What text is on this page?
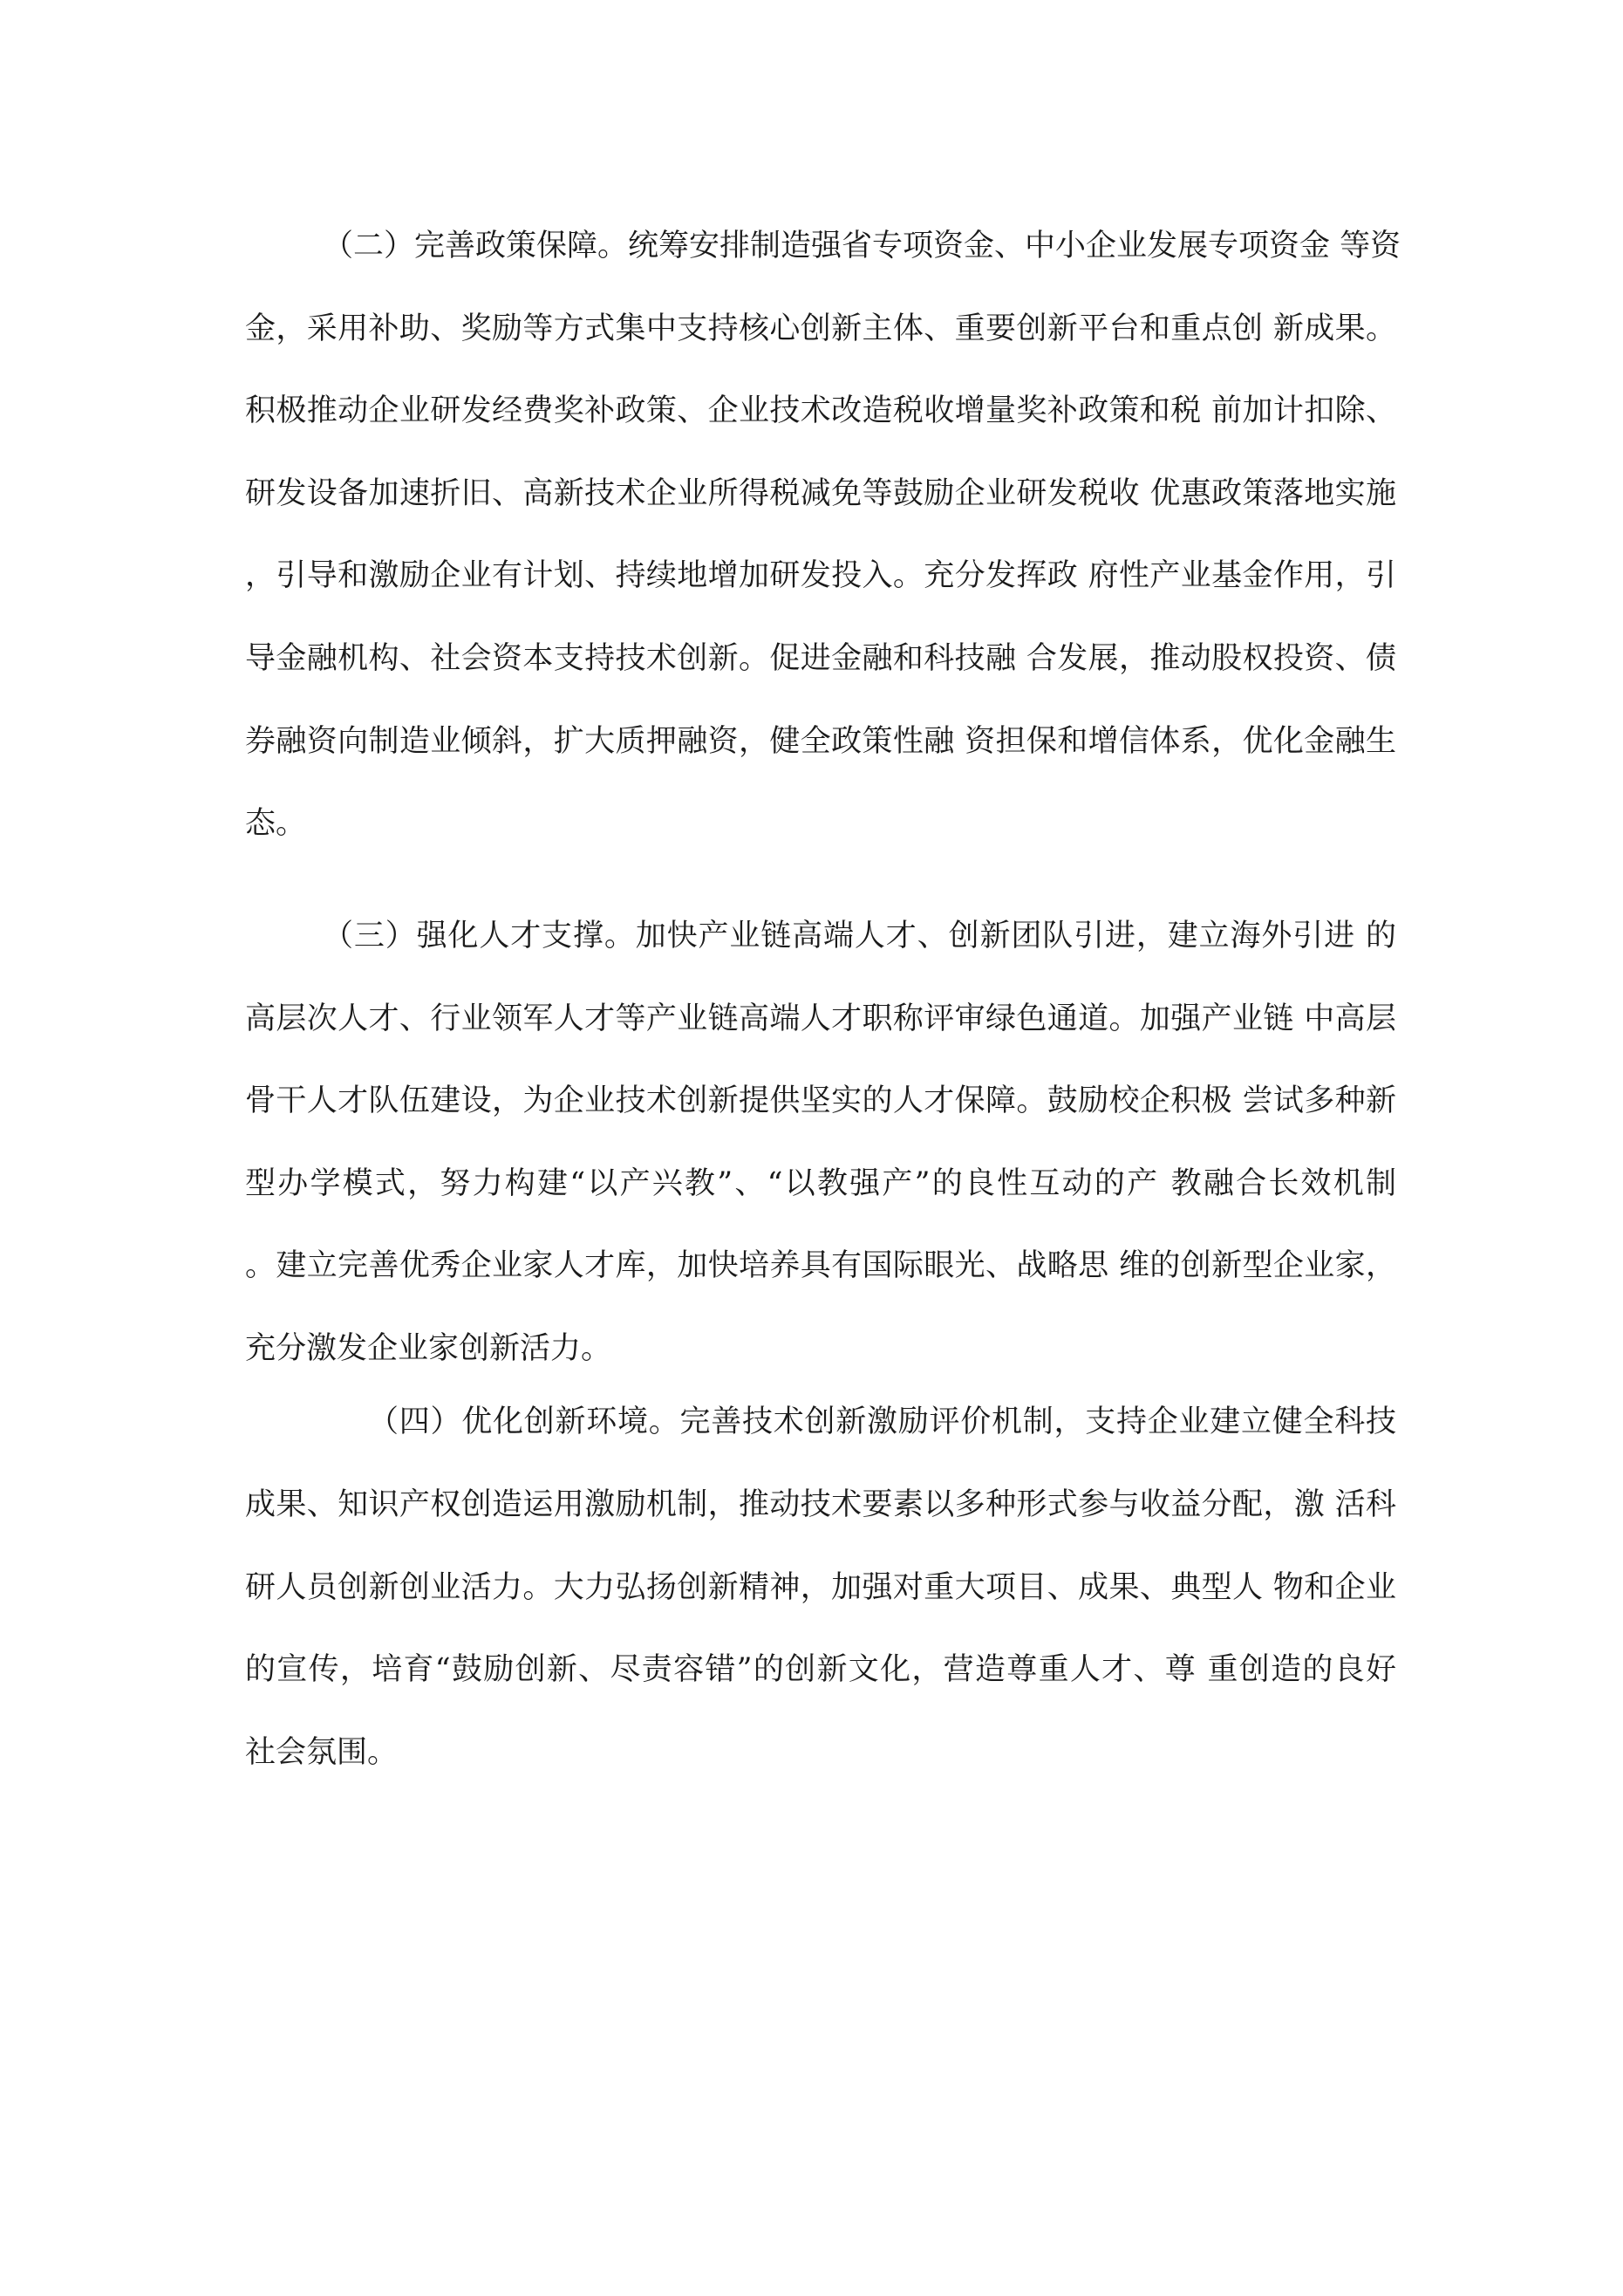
（二）完善政策保障。统筹安排制造强省专项资金、中小企业发展专项资金 等资
金，采用补助、奖励等方式集中支持核心创新主体、重要创新平台和重点创 新成果。
积极推动企业研发经费奖补政策、企业技术改造税收增量奖补政策和税 前加计扣除、
研发设备加速折旧、高新技术企业所得税减免等鼓励企业研发税收 优惠政策落地实施
，引导和激励企业有计划、持续地增加研发投入。充分发挥政 府性产业基金作用，引
导金融机构、社会资本支持技术创新。促进金融和科技融 合发展，推动股权投资、债
券融资向制造业倾斜，扩大质押融资，健全政策性融 资担保和增信体系，优化金融生
态。
（三）强化人才支撑。加快产业链高端人才、创新团队引进，建立海外引进 的
高层次人才、行业领军人才等产业链高端人才职称评审绿色通道。加强产业链 中高层
骨干人才队伍建设，为企业技术创新提供坚实的人才保障。鼓励校企积极 尝试多种新
型办学模式，努力构建“以产兴教”、“以教强产”的良性互动的产 教融合长效机制
。建立完善优秀企业家人才库，加快培养具有国际眼光、战略思 维的创新型企业家，
充分激发企业家创新活力。
（四）优化创新环境。完善技术创新激励评价机制，支持企业建立健全科技
成果、知识产权创造运用激励机制，推动技术要素以多种形式参与收益分配，激 活科
研人员创新创业活力。大力弘扬创新精神，加强对重大项目、成果、典型人 物和企业
的宣传，培育“鼓励创新、尽责容错”的创新文化，营造尊重人才、尊 重创造的良好
社会氛围。
